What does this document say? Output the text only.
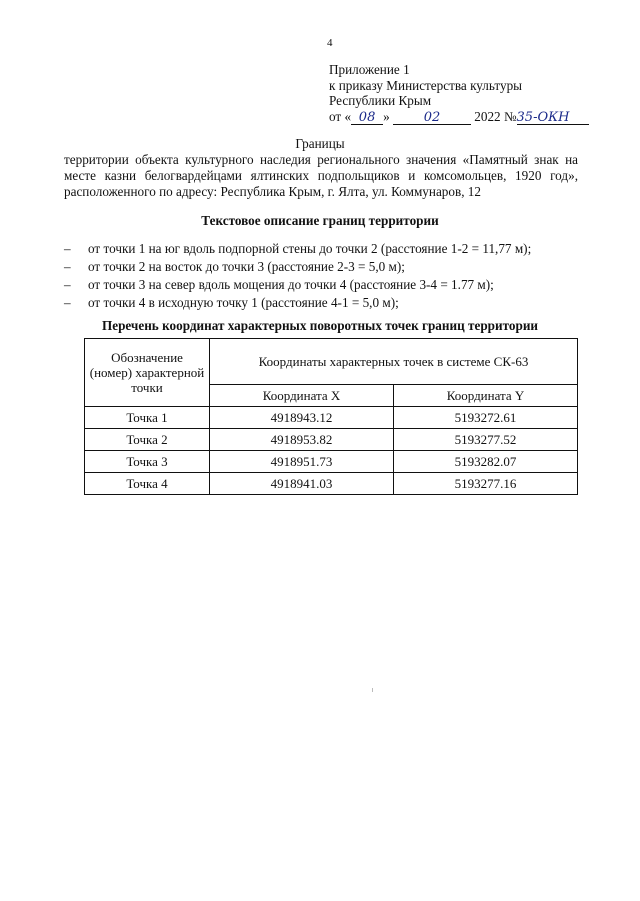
4
Приложение 1
к приказу Министерства культуры
Республики Крым
от « 08 »	02	2022 №35-ОКН
Границы
территории объекта культурного наследия регионального значения «Памятный знак на месте казни белогвардейцами ялтинских подпольщиков и комсомольцев, 1920 год», расположенного по адресу: Республика Крым, г. Ялта, ул. Коммунаров, 12
Текстовое описание границ территории
– от точки 1 на юг вдоль подпорной стены до точки 2 (расстояние 1-2 = 11,77 м);
– от точки 2 на восток до точки 3 (расстояние 2-3 = 5,0 м);
– от точки 3 на север вдоль мощения до точки 4 (расстояние 3-4 = 1.77 м);
– от точки 4 в исходную точку 1 (расстояние 4-1 = 5,0 м);
Перечень координат характерных поворотных точек границ территории
Обозначение (номер) характерной точки	Координаты характерных точек в системе СК-63	
	Координата X	Координата Y
Точка 1	4918943.12	5193272.61
Точка 2	4918953.82	5193277.52
Точка 3	4918951.73	5193282.07
Точка 4	4918941.03	5193277.16
